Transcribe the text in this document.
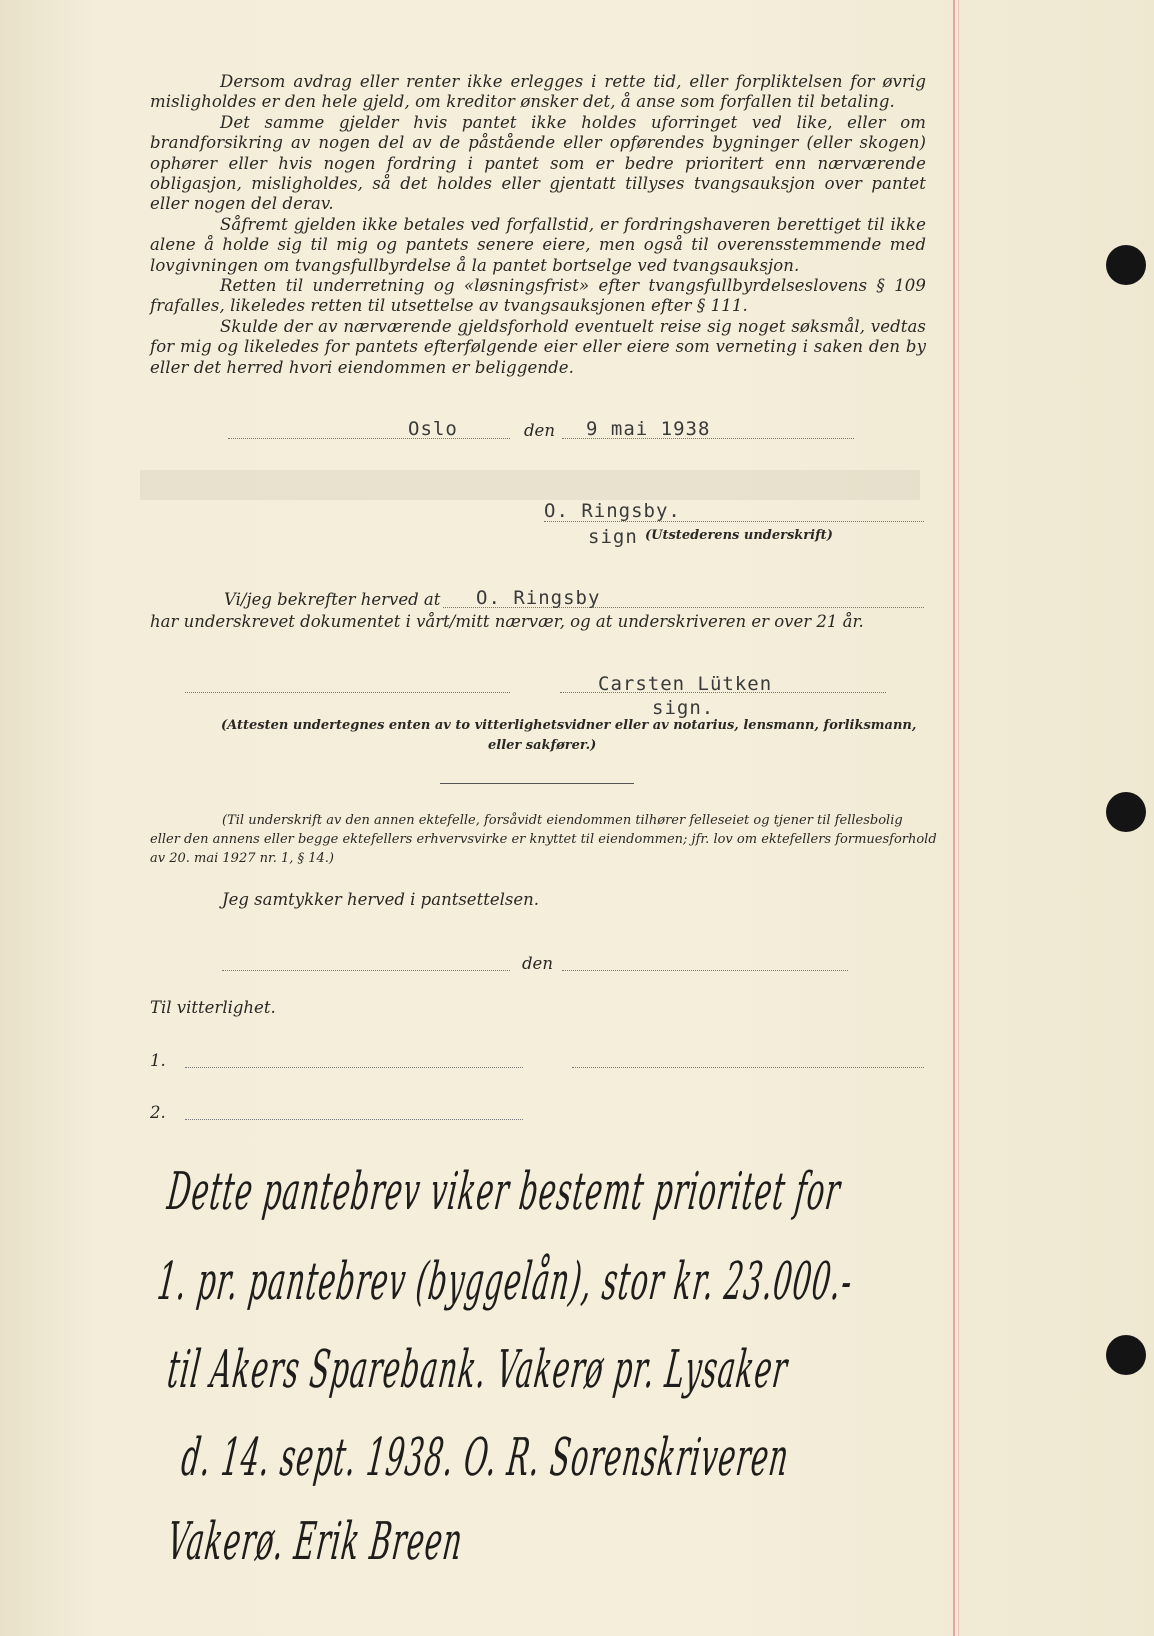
Dersom avdrag eller renter ikke erlegges i rette tid, eller forpliktelsen for øvrig misligholdes er den hele gjeld, om kreditor ønsker det, å anse som forfallen til betaling.

Det samme gjelder hvis pantet ikke holdes uforringet ved like, eller om brandforsikring av nogen del av de påstående eller opførendes bygninger (eller skogen) ophører eller hvis nogen fordring i pantet som er bedre prioritert enn nærværende obligasjon, misligholdes, så det holdes eller gjentatt tillyses tvangsauksjon over pantet eller nogen del derav.

Såfremt gjelden ikke betales ved forfallstid, er fordringshaveren berettiget til ikke alene å holde sig til mig og pantets senere eiere, men også til overensstemmende med lovgivningen om tvangsfullbyrdelse å la pantet bortselge ved tvangsauksjon.

Retten til underretning og «løsningsfrist» efter tvangsfullbyrdelseslovens § 109 frafalles, likeledes retten til utsettelse av tvangsauksjonen efter § 111.

Skulde der av nærværende gjeldsforhold eventuelt reise sig noget søksmål, vedtas for mig og likeledes for pantets efterfølgende eier eller eiere som verneting i saken den by eller det herred hvori eiendommen er beliggende.

Oslo	den 9 mai 1938
O. Ringsby.
sign (Utstederens underskrift)
Vi/jeg bekrefter herved at O. Ringsby
har underskrevet dokumentet i vårt/mitt nærvær, og at underskriveren er over 21 år.
Carsten Lütken
sign.
(Attesten undertegnes enten av to vitterlighetsvidner eller av notarius, lensmann, forliksmann,
eller sakfører.)
(Til underskrift av den annen ektefelle, forsåvidt eiendommen tilhører felleseiet og tjener til fellesbolig
eller den annens eller begge ektefellers erhvervsvirke er knyttet til eiendommen; jfr. lov om ektefellers formuesforhold
av 20. mai 1927 nr. 1, § 14.)
Jeg samtykker herved i pantsettelsen.
den
Til vitterlighet.
1.
2.
Dette pantebrev viker bestemt prioritet for
1. pr. pantebrev (byggelån), stor kr. 23.000.-
til Akers Sparebank. Vakerø pr. Lysaker
d. 14. sept. 1938. O. R. Sorenskriveren
Vakerø. Erik Breen
